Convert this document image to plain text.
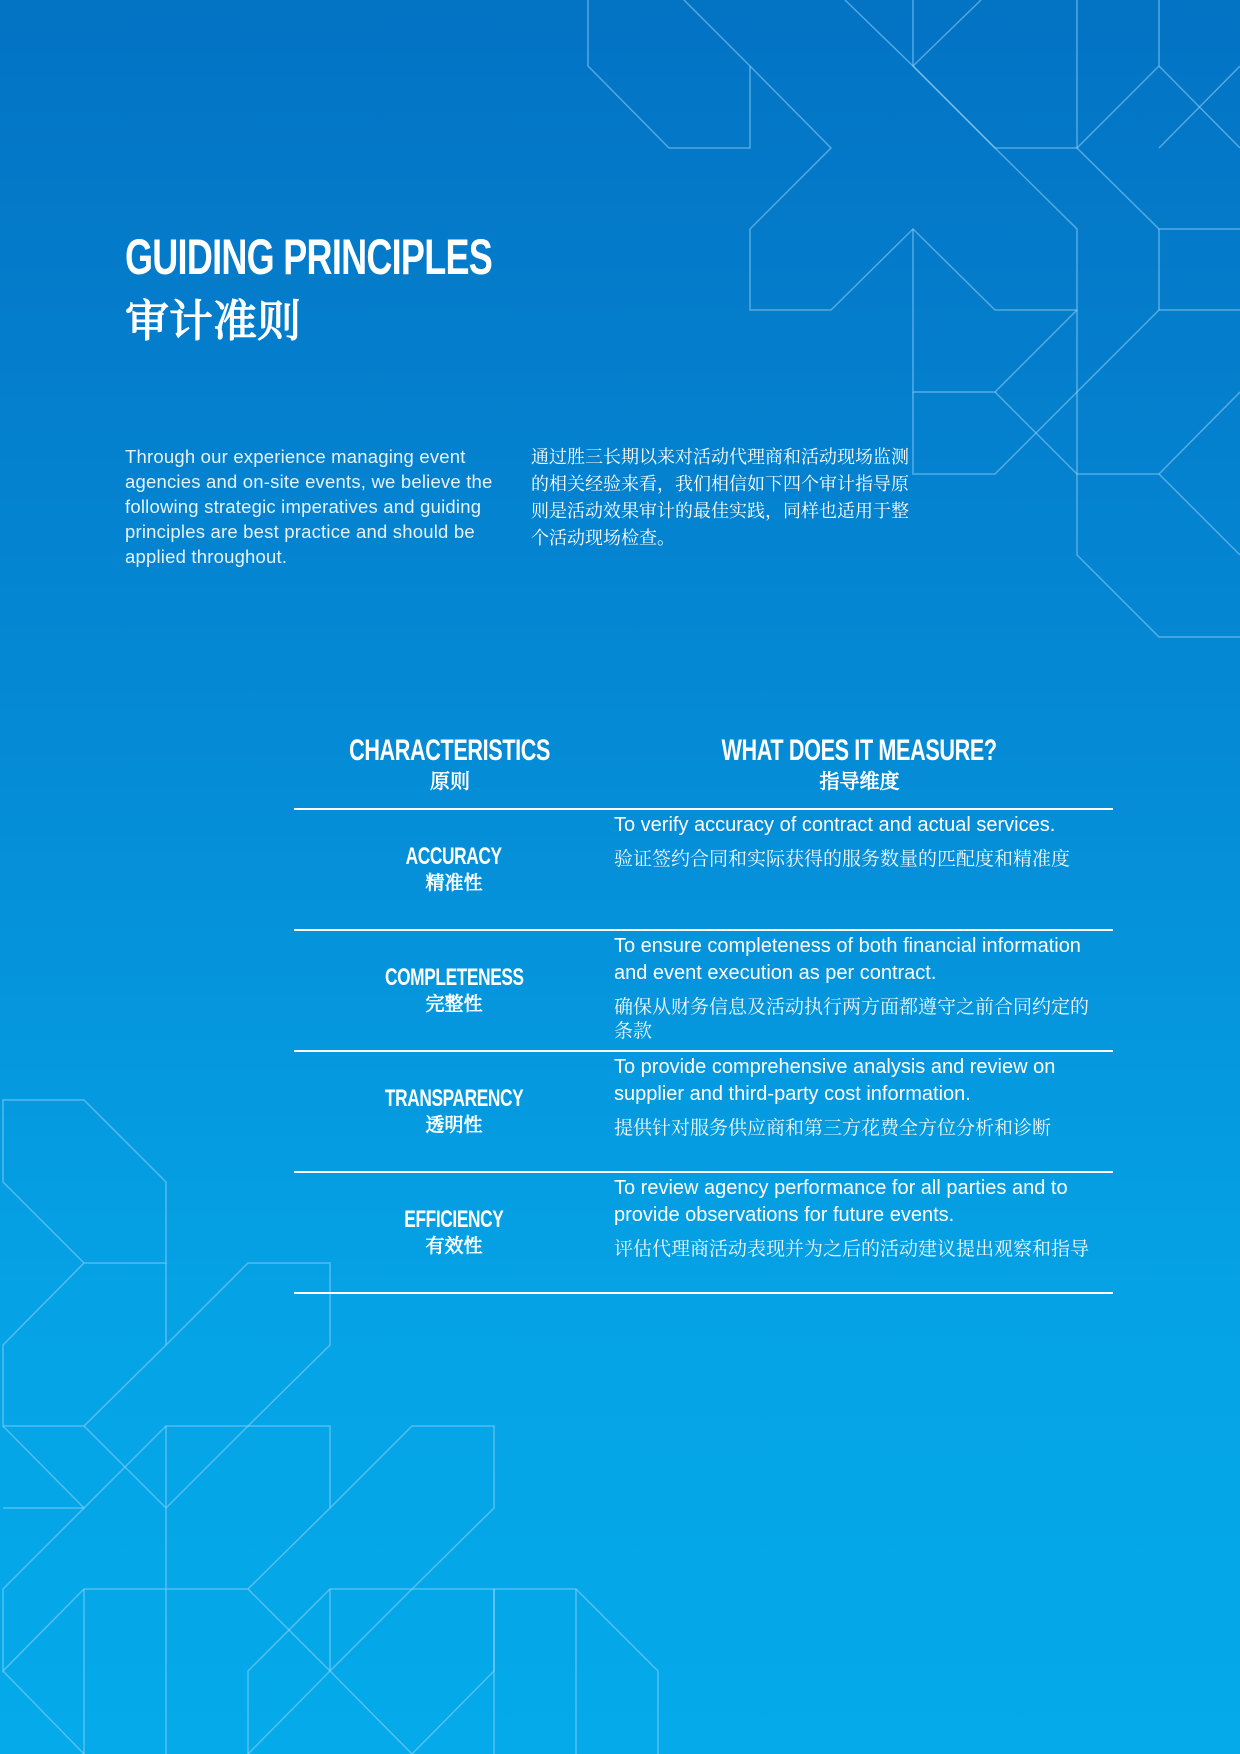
GUIDING PRINCIPLES
审计准则

Through our experience managing event agencies and on-site events, we believe the following strategic imperatives and guiding principles are best practice and should be applied throughout.

通过胜三长期以来对活动代理商和活动现场监测的相关经验来看，我们相信如下四个审计指导原则是活动效果审计的最佳实践，同样也适用于整个活动现场检查。

CHARACTERISTICS
原则
WHAT DOES IT MEASURE?
指导维度
ACCURACY
精准性

To verify accuracy of contract and actual services.

验证签约合同和实际获得的服务数量的匹配度和精准度

COMPLETENESS
完整性

To ensure completeness of both financial information and event execution as per contract.

确保从财务信息及活动执行两方面都遵守之前合同约定的条款

TRANSPARENCY
透明性

To provide comprehensive analysis and review on supplier and third-party cost information.

提供针对服务供应商和第三方花费全方位分析和诊断

EFFICIENCY
有效性

To review agency performance for all parties and to provide observations for future events.

评估代理商活动表现并为之后的活动建议提出观察和指导
